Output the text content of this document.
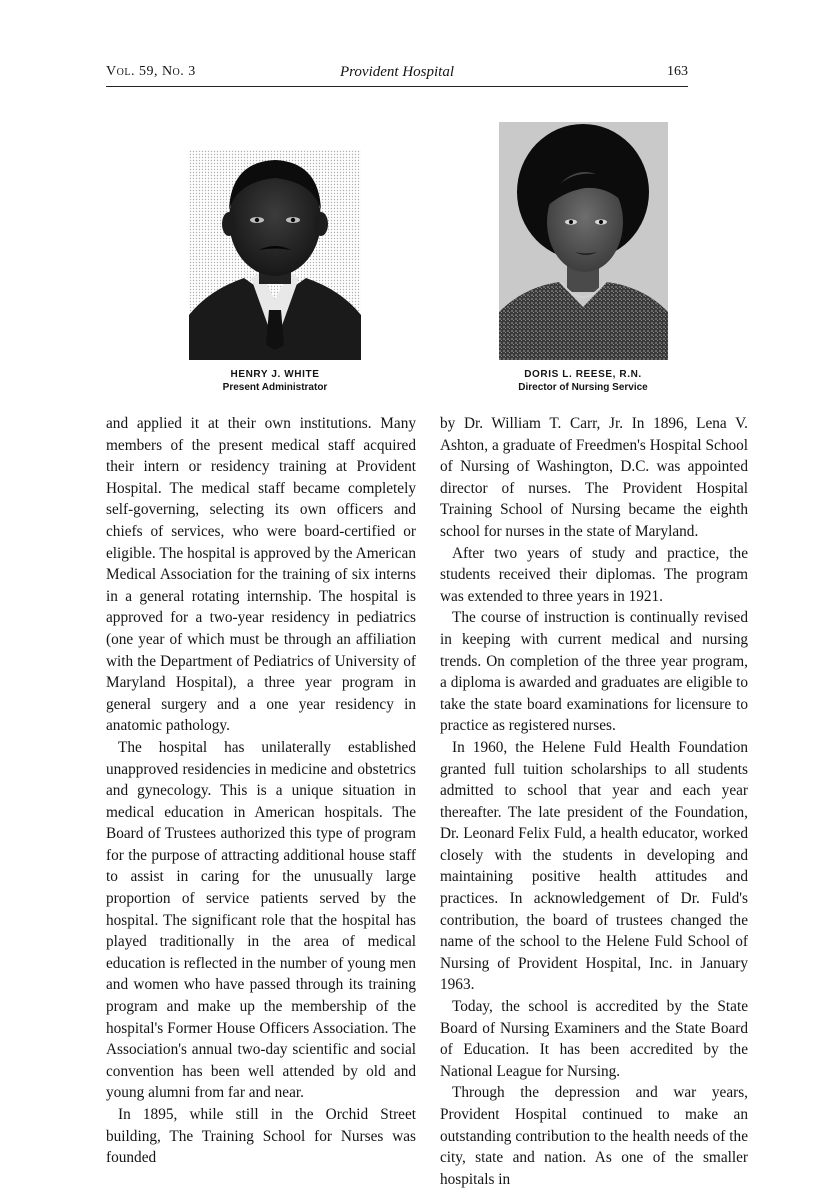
Vol. 59, No. 3	Provident Hospital	163
HENRY J. WHITE
Present Administrator
DORIS L. REESE, R.N.
Director of Nursing Service

and applied it at their own institutions. Many members of the present medical staff acquired their intern or residency training at Provident Hospital. The medical staff became completely self-governing, selecting its own officers and chiefs of services, who were board-certified or eligible. The hospital is approved by the American Medical Association for the training of six interns in a general rotating internship. The hospital is approved for a two-year residency in pediatrics (one year of which must be through an affiliation with the Department of Pediatrics of University of Maryland Hospital), a three year program in general surgery and a one year residency in anatomic pathology.

The hospital has unilaterally established unapproved residencies in medicine and obstetrics and gynecology. This is a unique situation in medical education in American hospitals. The Board of Trustees authorized this type of program for the purpose of attracting additional house staff to assist in caring for the unusually large proportion of service patients served by the hospital. The significant role that the hospital has played traditionally in the area of medical education is reflected in the number of young men and women who have passed through its training program and make up the membership of the hospital's Former House Officers Association. The Association's annual two-day scientific and social convention has been well attended by old and young alumni from far and near.

In 1895, while still in the Orchid Street building, The Training School for Nurses was founded

by Dr. William T. Carr, Jr. In 1896, Lena V. Ashton, a graduate of Freedmen's Hospital School of Nursing of Washington, D.C. was appointed director of nurses. The Provident Hospital Training School of Nursing became the eighth school for nurses in the state of Maryland.

After two years of study and practice, the students received their diplomas. The program was extended to three years in 1921.

The course of instruction is continually revised in keeping with current medical and nursing trends. On completion of the three year program, a diploma is awarded and graduates are eligible to take the state board examinations for licensure to practice as registered nurses.

In 1960, the Helene Fuld Health Foundation granted full tuition scholarships to all students admitted to school that year and each year thereafter. The late president of the Foundation, Dr. Leonard Felix Fuld, a health educator, worked closely with the students in developing and maintaining positive health attitudes and practices. In acknowledgement of Dr. Fuld's contribution, the board of trustees changed the name of the school to the Helene Fuld School of Nursing of Provident Hospital, Inc. in January 1963.

Today, the school is accredited by the State Board of Nursing Examiners and the State Board of Education. It has been accredited by the National League for Nursing.

Through the depression and war years, Provident Hospital continued to make an outstanding contribution to the health needs of the city, state and nation. As one of the smaller hospitals in
